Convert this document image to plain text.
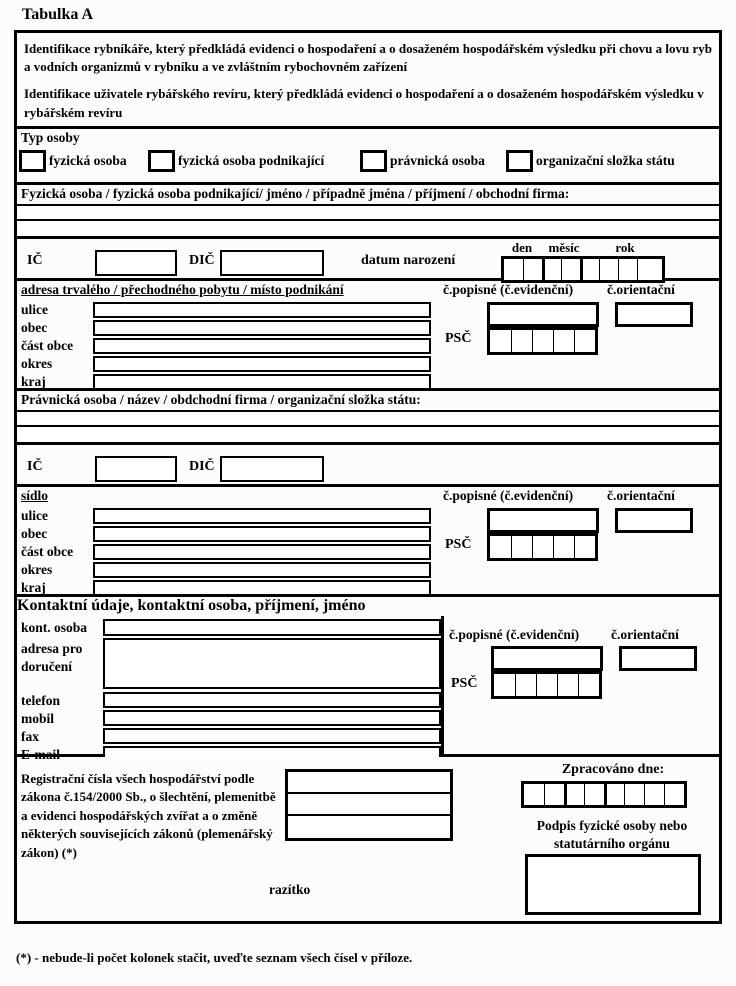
Tabulka A

Identifikace rybníkáře, který předkládá evidenci o hospodaření a o dosaženém hospodářském výsledku při chovu a lovu ryb a vodních organizmů v rybníku a ve zvláštním rybochovném zařízení

Identifikace uživatele rybářského revíru, který předkládá evidenci o hospodaření a o dosaženém hospodářském výsledku v rybářském revíru

Typ osoby
fyzická osoba	fyzická osoba podnikající	právnická osoba	organizační složka státu
Fyzická osoba / fyzická osoba podnikající/ jméno / případně jména / příjmení / obchodní firma:
IČ	DIČ	datum narození
den	měsíc	rok
adresa trvalého / přechodného pobytu / místo podnikání
ulice
obec
část obce
okres
kraj
č.popisné (č.evidenční)	č.orientační
PSČ
Právnická osoba / název / obdchodní firma / organizační složka státu:
IČ	DIČ
sídlo
ulice
obec
část obce
okres
kraj
č.popisné (č.evidenční)	č.orientační
PSČ
Kontaktní údaje, kontaktní osoba, příjmení, jméno
kont. osoba
adresa pro
doručení
telefon
mobil
fax
E-mail
č.popisné (č.evidenční) č.orientační
PSČ
Registrační čísla všech hospodářství podle
zákona č.154/2000 Sb., o šlechtění, plemenitbě
a evidenci hospodářských zvířat a o změně
některých souvisejících zákonů (plemenářský zákon) (*)
Zpracováno dne:
Podpis fyzické osoby nebo
statutárního orgánu
razítko
(*) - nebude-li počet kolonek stačit, uveďte seznam všech čísel v příloze.
